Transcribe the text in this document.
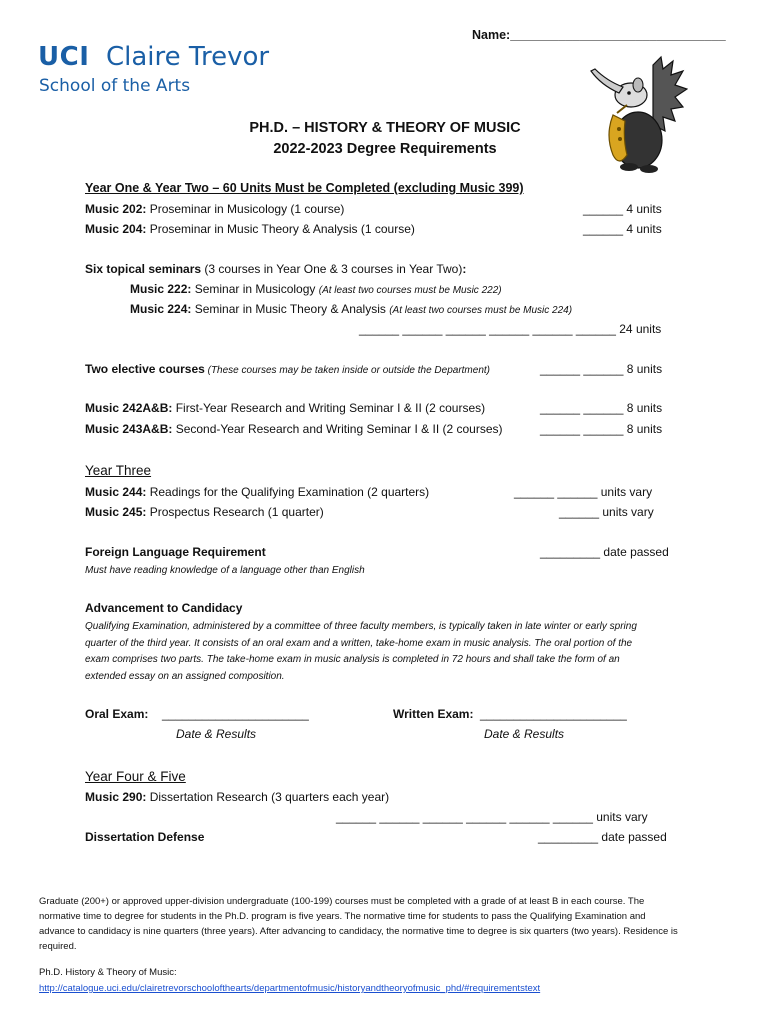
Name:_______________________________
UCI Claire Trevor
School of the Arts
PH.D. – HISTORY & THEORY OF MUSIC
2022-2023 Degree Requirements
Year One & Year Two – 60 Units Must be Completed (excluding Music 399)
Music 202: Proseminar in Musicology (1 course)	______ 4 units
Music 204: Proseminar in Music Theory & Analysis (1 course)	______ 4 units
Six topical seminars (3 courses in Year One & 3 courses in Year Two):
Music 222: Seminar in Musicology (At least two courses must be Music 222)
Music 224: Seminar in Music Theory & Analysis (At least two courses must be Music 224)
______ ______ ______ ______ ______ ______ 24 units
Two elective courses (These courses may be taken inside or outside the Department)	______ ______ 8 units
Music 242A&B: First-Year Research and Writing Seminar I & II (2 courses)	______ ______ 8 units
Music 243A&B: Second-Year Research and Writing Seminar I & II (2 courses)	______ ______ 8 units
Year Three
Music 244: Readings for the Qualifying Examination (2 quarters)	______ ______ units vary
Music 245: Prospectus Research (1 quarter)	______ units vary
Foreign Language Requirement	_________ date passed
Must have reading knowledge of a language other than English
Advancement to Candidacy
Qualifying Examination, administered by a committee of three faculty members, is typically taken in late winter or early spring quarter of the third year. It consists of an oral exam and a written, take-home exam in music analysis. The oral portion of the exam comprises two parts. The take-home exam in music analysis is completed in 72 hours and shall take the form of an extended essay on an assigned composition.
Oral Exam: ______________________
Date & Results
Written Exam: ______________________
Date & Results
Year Four & Five
Music 290: Dissertation Research (3 quarters each year)
______ ______ ______ ______ ______ ______ units vary
Dissertation Defense	_________ date passed
Graduate (200+) or approved upper-division undergraduate (100-199) courses must be completed with a grade of at least B in each course. The normative time to degree for students in the Ph.D. program is five years. The normative time for students to pass the Qualifying Examination and advance to candidacy is nine quarters (three years). After advancing to candidacy, the normative time to degree is six quarters (two years). Residence is required.
Ph.D. History & Theory of Music:
http://catalogue.uci.edu/clairetrevorschoolofthearts/departmentofmusic/historyandtheoryofmusic_phd/#requirementstext
